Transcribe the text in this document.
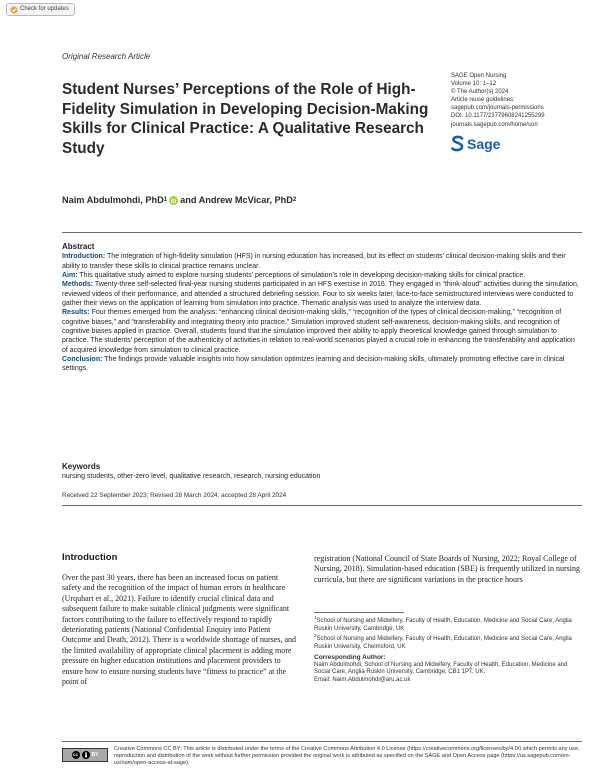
Check for updates
Original Research Article
Student Nurses’ Perceptions of the Role of High-Fidelity Simulation in Developing Decision-Making Skills for Clinical Practice: A Qualitative Research Study
SAGE Open Nursing
Volume 10: 1–12
© The Author(s) 2024
Article reuse guidelines:
sagepub.com/journals-permissions
DOI: 10.1177/23779608241255299
journals.sagepub.com/home/son
Sage
Naim Abdulmohdi, PhD 1 and Andrew McVicar, PhD 2
Abstract

Introduction: The integration of high-fidelity simulation (HFS) in nursing education has increased, but its effect on students’ clinical decision-making skills and their ability to transfer these skills to clinical practice remains unclear.

Aim: This qualitative study aimed to explore nursing students’ perceptions of simulation’s role in developing decision-making skills for clinical practice.

Methods: Twenty-three self-selected final-year nursing students participated in an HFS exercise in 2016. They engaged in “think-aloud” activities during the simulation, reviewed videos of their performance, and attended a structured debriefing session. Four to six weeks later, face-to-face semistructured interviews were conducted to gather their views on the application of learning from simulation into practice. Thematic analysis was used to analyze the interview data.

Results: Four themes emerged from the analysis: “enhancing clinical decision-making skills,” “recognition of the types of clinical decision-making,” “recognition of cognitive biases,” and “transferability and integrating theory into practice.” Simulation improved student self-awareness, decision-making skills, and recognition of cognitive biases applied in practice. Overall, students found that the simulation improved their ability to apply theoretical knowledge gained through simulation to practice. The students’ perception of the authenticity of activities in relation to real-world scenarios played a crucial role in enhancing the transferability and application of acquired knowledge from simulation to clinical practice.

Conclusion: The findings provide valuable insights into how simulation optimizes learning and decision-making skills, ultimately promoting effective care in clinical settings.

Keywords
nursing students, other-zero level, qualitative research, research, nursing education
Received 22 September 2023; Revised 28 March 2024; accepted 28 April 2024
Introduction

Over the past 30 years, there has been an increased focus on patient safety and the recognition of the impact of human errors in healthcare (Urquhart et al., 2021). Failure to identify crucial clinical data and subsequent failure to make suitable clinical judgments were significant factors contributing to the failure to effectively respond to rapidly deteriorating patients (National Confidential Enquiry into Patient Outcome and Death, 2012). There is a worldwide shortage of nurses, and the limited availability of appropriate clinical placement is adding more pressure on higher education institutions and placement providers to ensure how to ensure nursing students have “fitness to practice” at the point of

registration (National Council of State Boards of Nursing, 2022; Royal College of Nursing, 2018). Simulation-based education (SBE) is frequently utilized in nursing curricula, but there are significant variations in the practice hours

$^1$School of Nursing and Midwifery, Faculty of Health, Education, Medicine and Social Care, Anglia Ruskin University, Cambridge, UK

$^2$School of Nursing and Midwifery, Faculty of Health, Education, Medicine and Social Care, Anglia Ruskin University, Chelmsford, UK

Corresponding Author:

Naim Abdulmohdi, School of Nursing and Midwifery, Faculty of Health, Education, Medicine and Social Care, Anglia Ruskin University, Cambridge, CB1 1PT, UK.

Email: Naim.Abdulmohdi@aru.ac.uk

cc	BY
Creative Commons CC BY: This article is distributed under the terms of the Creative Commons Attribution 4.0 License (https://creativecommons.org/licenses/by/4.0/) which permits any use, reproduction and distribution of the work without further permission provided the original work is attributed as specified on the SAGE and Open Access page (https://us.sagepub.com/en-us/nam/open-access-at-sage).
